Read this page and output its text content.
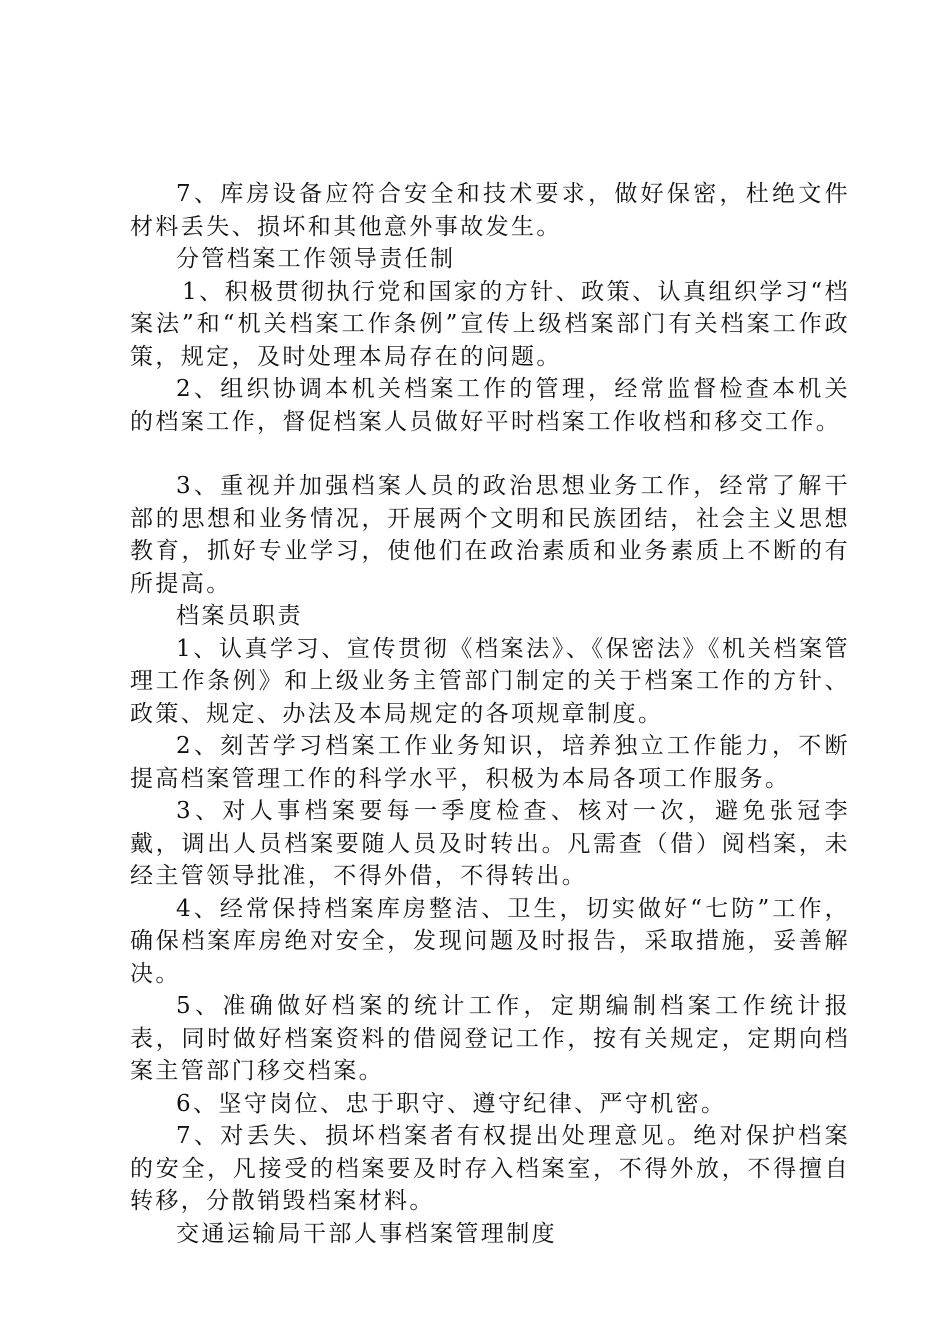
7、库房设备应符合安全和技术要求，做好保密，杜绝文件材料丢失、损坏和其他意外事故发生。

分管档案工作领导责任制

1、积极贯彻执行党和国家的方针、政策、认真组织学习“档案法”和“机关档案工作条例”宣传上级档案部门有关档案工作政策，规定，及时处理本局存在的问题。

2、组织协调本机关档案工作的管理，经常监督检查本机关的档案工作，督促档案人员做好平时档案工作收档和移交工作。

3、重视并加强档案人员的政治思想业务工作，经常了解干部的思想和业务情况，开展两个文明和民族团结，社会主义思想教育，抓好专业学习，使他们在政治素质和业务素质上不断的有所提高。

档案员职责

1、认真学习、宣传贯彻《档案法》、《保密法》《机关档案管理工作条例》和上级业务主管部门制定的关于档案工作的方针、政策、规定、办法及本局规定的各项规章制度。

2、刻苦学习档案工作业务知识，培养独立工作能力，不断提高档案管理工作的科学水平，积极为本局各项工作服务。

3、对人事档案要每一季度检查、核对一次，避免张冠李戴，调出人员档案要随人员及时转出。凡需查（借）阅档案，未经主管领导批准，不得外借，不得转出。

4、经常保持档案库房整洁、卫生，切实做好“七防”工作，确保档案库房绝对安全，发现问题及时报告，采取措施，妥善解决。

5、准确做好档案的统计工作，定期编制档案工作统计报表，同时做好档案资料的借阅登记工作，按有关规定，定期向档案主管部门移交档案。

6、坚守岗位、忠于职守、遵守纪律、严守机密。

7、对丢失、损坏档案者有权提出处理意见。绝对保护档案的安全，凡接受的档案要及时存入档案室，不得外放，不得擅自转移，分散销毁档案材料。

交通运输局干部人事档案管理制度
